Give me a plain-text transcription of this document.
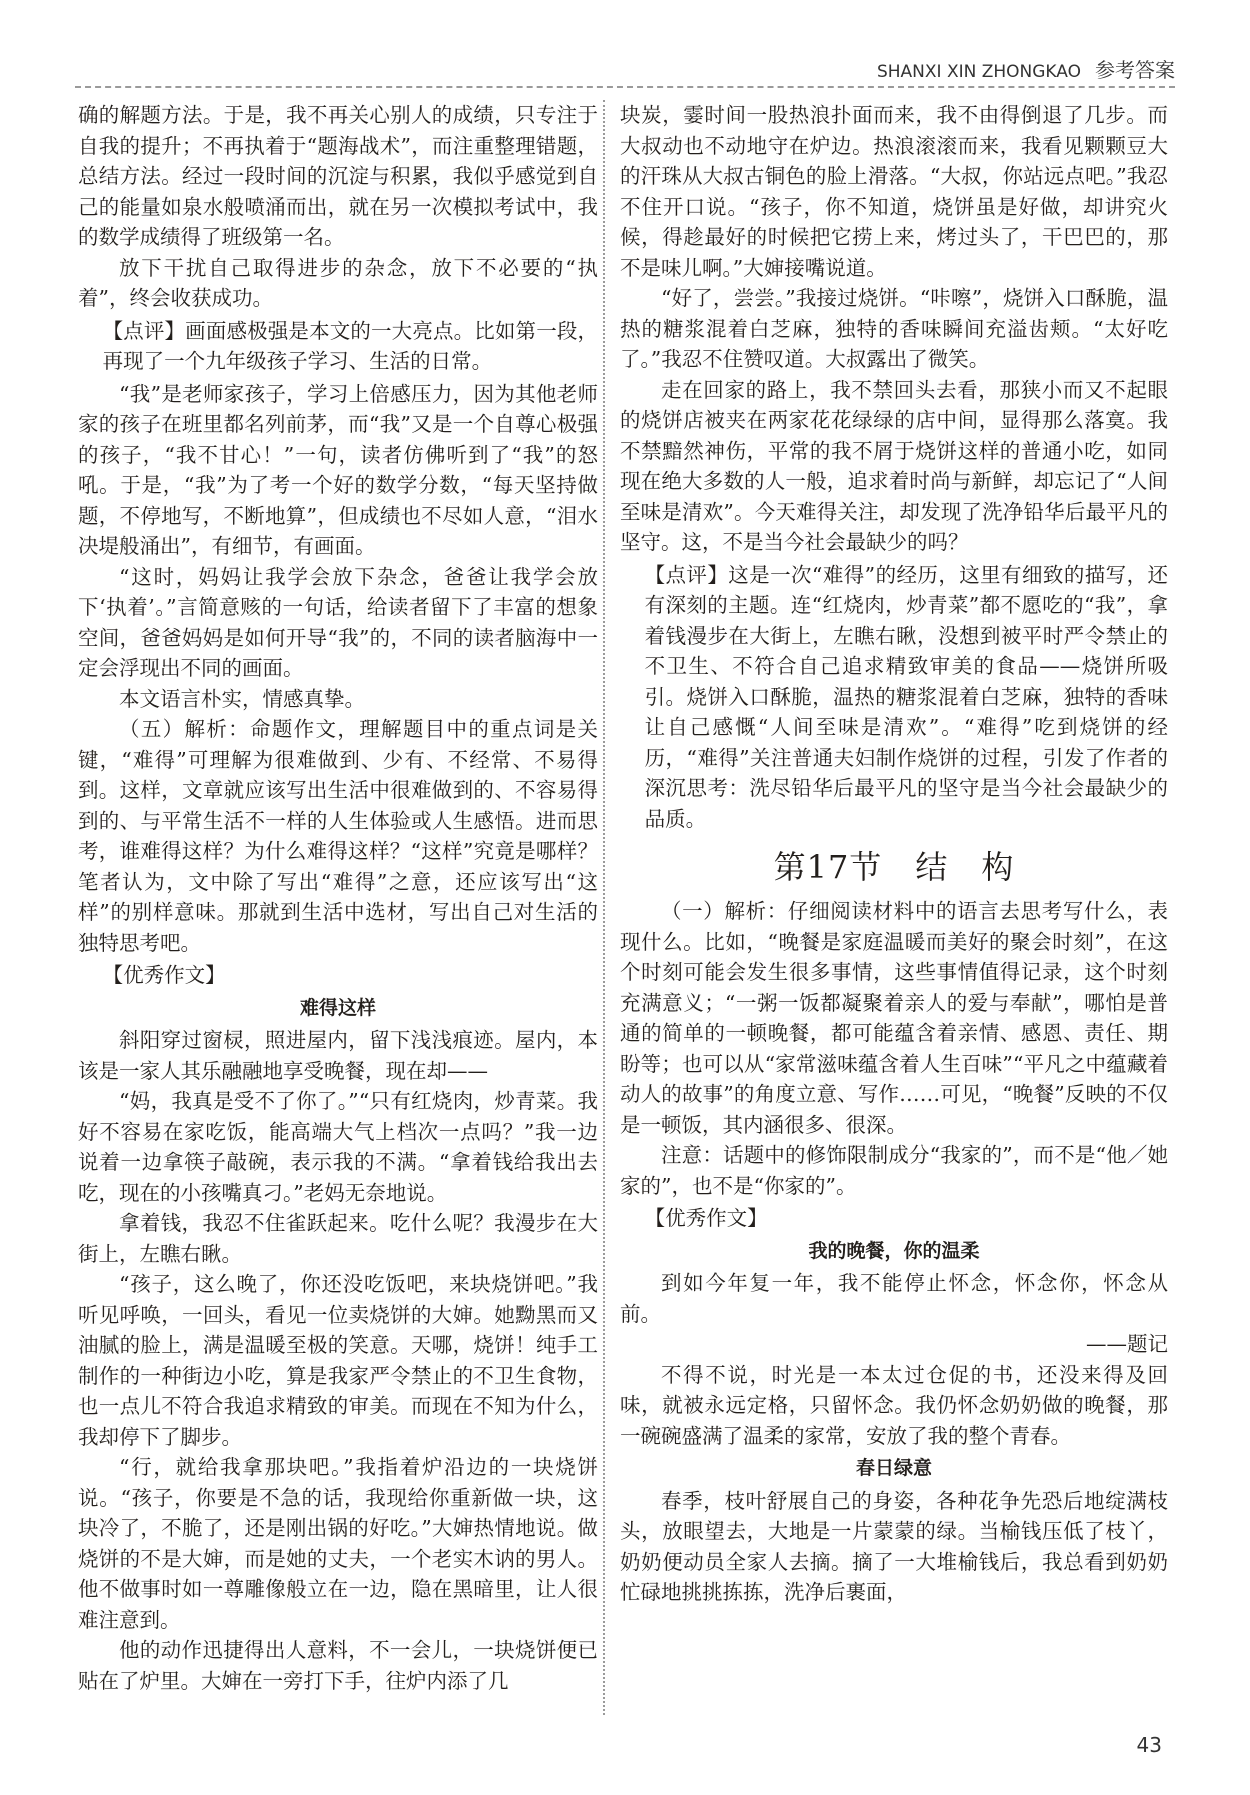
SHANXI XIN ZHONGKAO 参考答案
确的解题方法。于是，我不再关心别人的成绩，只专注于自我的提升；不再执着于“题海战术”，而注重整理错题，总结方法。经过一段时间的沉淀与积累，我似乎感觉到自己的能量如泉水般喷涌而出，就在另一次模拟考试中，我的数学成绩得了班级第一名。
放下干扰自己取得进步的杂念，放下不必要的“执着”，终会收获成功。
【点评】画面感极强是本文的一大亮点。比如第一段，再现了一个九年级孩子学习、生活的日常。
“我”是老师家孩子，学习上倍感压力，因为其他老师家的孩子在班里都名列前茅，而“我”又是一个自尊心极强的孩子，“我不甘心！”一句，读者仿佛听到了“我”的怒吼。于是，“我”为了考一个好的数学分数，“每天坚持做题，不停地写，不断地算”，但成绩也不尽如人意，“泪水决堤般涌出”，有细节，有画面。
“这时，妈妈让我学会放下杂念，爸爸让我学会放下‘执着’。”言简意赅的一句话，给读者留下了丰富的想象空间，爸爸妈妈是如何开导“我”的，不同的读者脑海中一定会浮现出不同的画面。
本文语言朴实，情感真挚。
（五）解析：命题作文，理解题目中的重点词是关键，“难得”可理解为很难做到、少有、不经常、不易得到。这样，文章就应该写出生活中很难做到的、不容易得到的、与平常生活不一样的人生体验或人生感悟。进而思考，谁难得这样？为什么难得这样？“这样”究竟是哪样？笔者认为，文中除了写出“难得”之意，还应该写出“这样”的别样意味。那就到生活中选材，写出自己对生活的独特思考吧。
【优秀作文】
难得这样
斜阳穿过窗棂，照进屋内，留下浅浅痕迹。屋内，本该是一家人其乐融融地享受晚餐，现在却——
“妈，我真是受不了你了。”“只有红烧肉，炒青菜。我好不容易在家吃饭，能高端大气上档次一点吗？”我一边说着一边拿筷子敲碗，表示我的不满。“拿着钱给我出去吃，现在的小孩嘴真刁。”老妈无奈地说。
拿着钱，我忍不住雀跃起来。吃什么呢？我漫步在大街上，左瞧右瞅。
“孩子，这么晚了，你还没吃饭吧，来块烧饼吧。”我听见呼唤，一回头，看见一位卖烧饼的大婶。她黝黑而又油腻的脸上，满是温暖至极的笑意。天哪，烧饼！纯手工制作的一种街边小吃，算是我家严令禁止的不卫生食物，也一点儿不符合我追求精致的审美。而现在不知为什么，我却停下了脚步。
“行，就给我拿那块吧。”我指着炉沿边的一块烧饼说。“孩子，你要是不急的话，我现给你重新做一块，这块冷了，不脆了，还是刚出锅的好吃。”大婶热情地说。做烧饼的不是大婶，而是她的丈夫，一个老实木讷的男人。他不做事时如一尊雕像般立在一边，隐在黑暗里，让人很难注意到。
他的动作迅捷得出人意料，不一会儿，一块烧饼便已贴在了炉里。大婶在一旁打下手，往炉内添了几
块炭，霎时间一股热浪扑面而来，我不由得倒退了几步。而大叔动也不动地守在炉边。热浪滚滚而来，我看见颗颗豆大的汗珠从大叔古铜色的脸上滑落。“大叔，你站远点吧。”我忍不住开口说。“孩子，你不知道，烧饼虽是好做，却讲究火候，得趁最好的时候把它捞上来，烤过头了，干巴巴的，那不是味儿啊。”大婶接嘴说道。
“好了，尝尝。”我接过烧饼。“咔嚓”，烧饼入口酥脆，温热的糖浆混着白芝麻，独特的香味瞬间充溢齿颊。“太好吃了。”我忍不住赞叹道。大叔露出了微笑。
走在回家的路上，我不禁回头去看，那狭小而又不起眼的烧饼店被夹在两家花花绿绿的店中间，显得那么落寞。我不禁黯然神伤，平常的我不屑于烧饼这样的普通小吃，如同现在绝大多数的人一般，追求着时尚与新鲜，却忘记了“人间至味是清欢”。今天难得关注，却发现了洗净铅华后最平凡的坚守。这，不是当今社会最缺少的吗？
【点评】这是一次“难得”的经历，这里有细致的描写，还有深刻的主题。连“红烧肉，炒青菜”都不愿吃的“我”，拿着钱漫步在大街上，左瞧右瞅，没想到被平时严令禁止的不卫生、不符合自己追求精致审美的食品——烧饼所吸引。烧饼入口酥脆，温热的糖浆混着白芝麻，独特的香味让自己感慨“人间至味是清欢”。“难得”吃到烧饼的经历，“难得”关注普通夫妇制作烧饼的过程，引发了作者的深沉思考：洗尽铅华后最平凡的坚守是当今社会最缺少的品质。
第17节　结　构
（一）解析：仔细阅读材料中的语言去思考写什么，表现什么。比如，“晚餐是家庭温暖而美好的聚会时刻”，在这个时刻可能会发生很多事情，这些事情值得记录，这个时刻充满意义；“一粥一饭都凝聚着亲人的爱与奉献”，哪怕是普通的简单的一顿晚餐，都可能蕴含着亲情、感恩、责任、期盼等；也可以从“家常滋味蕴含着人生百味”“平凡之中蕴藏着动人的故事”的角度立意、写作……可见，“晚餐”反映的不仅是一顿饭，其内涵很多、很深。
注意：话题中的修饰限制成分“我家的”，而不是“他／她家的”，也不是“你家的”。
【优秀作文】
我的晚餐，你的温柔
到如今年复一年，我不能停止怀念，怀念你，怀念从前。
——题记
不得不说，时光是一本太过仓促的书，还没来得及回味，就被永远定格，只留怀念。我仍怀念奶奶做的晚餐，那一碗碗盛满了温柔的家常，安放了我的整个青春。
春日绿意
春季，枝叶舒展自己的身姿，各种花争先恐后地绽满枝头，放眼望去，大地是一片蒙蒙的绿。当榆钱压低了枝丫，奶奶便动员全家人去摘。摘了一大堆榆钱后，我总看到奶奶忙碌地挑挑拣拣，洗净后裹面，
43
